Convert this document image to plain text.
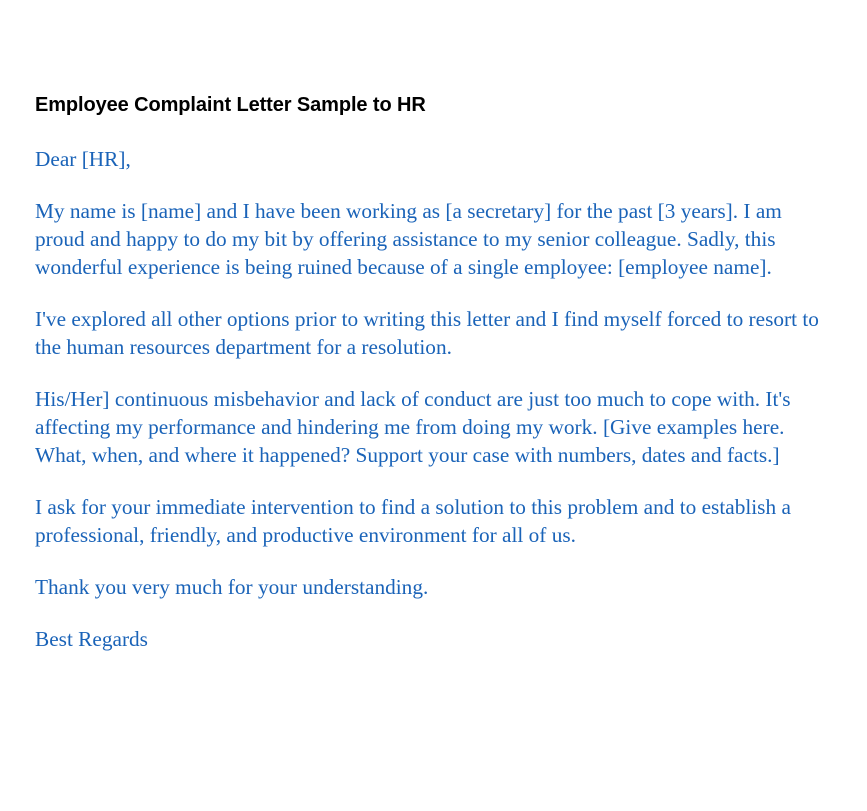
Employee Complaint Letter Sample to HR

Dear [HR],

My name is [name] and I have been working as [a secretary] for the past [3 years]. I am proud and happy to do my bit by offering assistance to my senior colleague. Sadly, this wonderful experience is being ruined because of a single employee: [employee name].

I've explored all other options prior to writing this letter and I find myself forced to resort to the human resources department for a resolution.

His/Her] continuous misbehavior and lack of conduct are just too much to cope with. It's affecting my performance and hindering me from doing my work. [Give examples here. What, when, and where it happened? Support your case with numbers, dates and facts.]

I ask for your immediate intervention to find a solution to this problem and to establish a professional, friendly, and productive environment for all of us.

Thank you very much for your understanding.

Best Regards
